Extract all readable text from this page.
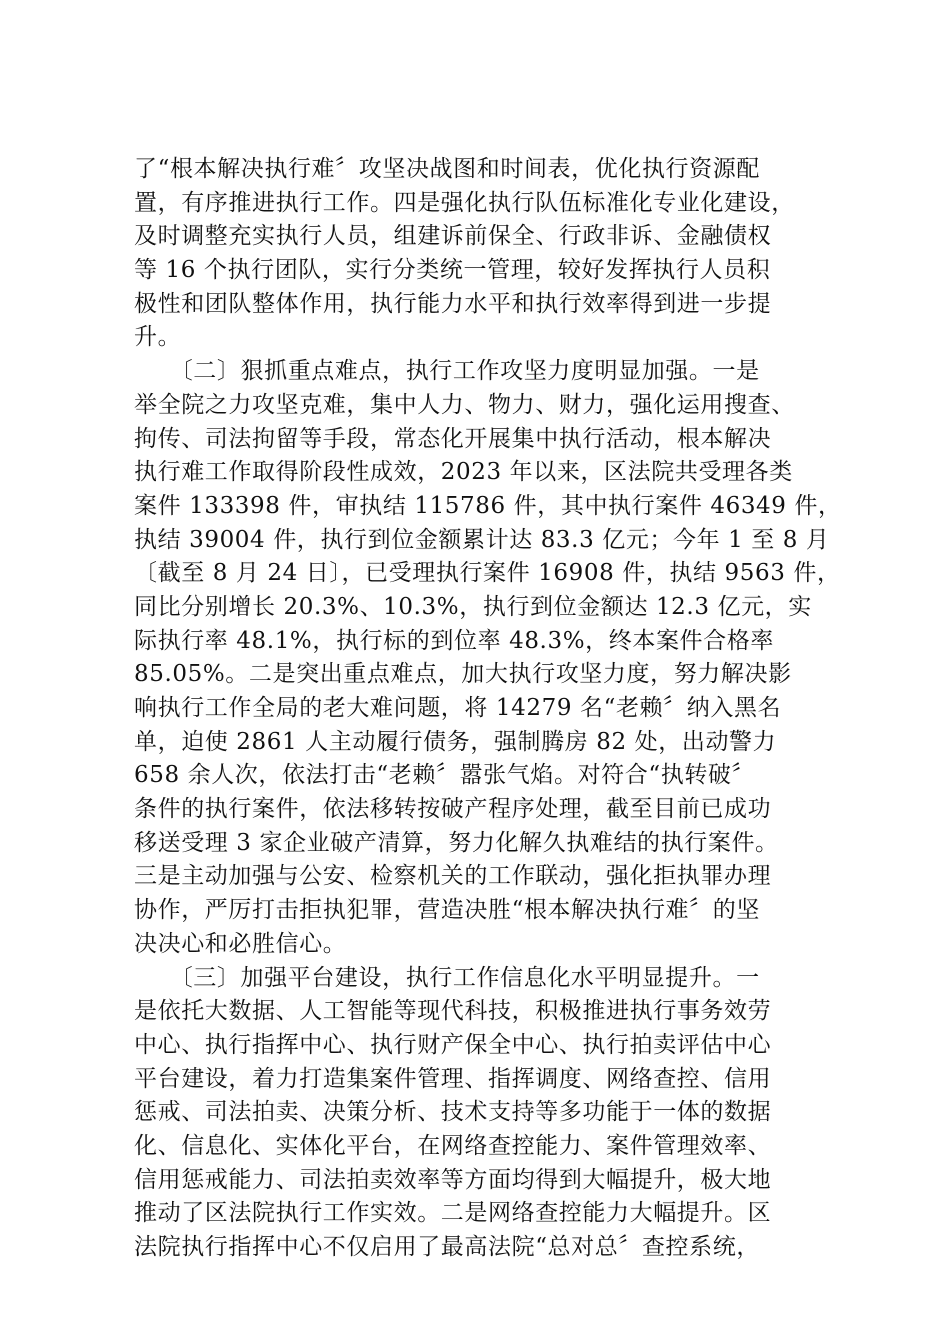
了“根本解决执行难〞攻坚决战图和时间表，优化执行资源配
置，有序推进执行工作。四是强化执行队伍标准化专业化建设，
及时调整充实执行人员，组建诉前保全、行政非诉、金融债权
等 16 个执行团队，实行分类统一管理，较好发挥执行人员积
极性和团队整体作用，执行能力水平和执行效率得到进一步提
升。
　　〔二〕狠抓重点难点，执行工作攻坚力度明显加强。一是
举全院之力攻坚克难，集中人力、物力、财力，强化运用搜查、
拘传、司法拘留等手段，常态化开展集中执行活动，根本解决
执行难工作取得阶段性成效，2023 年以来，区法院共受理各类
案件 133398 件，审执结 115786 件，其中执行案件 46349 件，
执结 39004 件，执行到位金额累计达 83.3 亿元；今年 1 至 8 月
〔截至 8 月 24 日〕，已受理执行案件 16908 件，执结 9563 件，
同比分别增长 20.3%、10.3%，执行到位金额达 12.3 亿元，实
际执行率 48.1%，执行标的到位率 48.3%，终本案件合格率
85.05%。二是突出重点难点，加大执行攻坚力度，努力解决影
响执行工作全局的老大难问题，将 14279 名“老赖〞纳入黑名
单，迫使 2861 人主动履行债务，强制腾房 82 处，出动警力
658 余人次，依法打击“老赖〞嚣张气焰。对符合“执转破〞
条件的执行案件，依法移转按破产程序处理，截至目前已成功
移送受理 3 家企业破产清算，努力化解久执难结的执行案件。
三是主动加强与公安、检察机关的工作联动，强化拒执罪办理
协作，严厉打击拒执犯罪，营造决胜“根本解决执行难〞的坚
决决心和必胜信心。
　　〔三〕加强平台建设，执行工作信息化水平明显提升。一
是依托大数据、人工智能等现代科技，积极推进执行事务效劳
中心、执行指挥中心、执行财产保全中心、执行拍卖评估中心
平台建设，着力打造集案件管理、指挥调度、网络查控、信用
惩戒、司法拍卖、决策分析、技术支持等多功能于一体的数据
化、信息化、实体化平台，在网络查控能力、案件管理效率、
信用惩戒能力、司法拍卖效率等方面均得到大幅提升，极大地
推动了区法院执行工作实效。二是网络查控能力大幅提升。区
法院执行指挥中心不仅启用了最高法院“总对总〞查控系统，
